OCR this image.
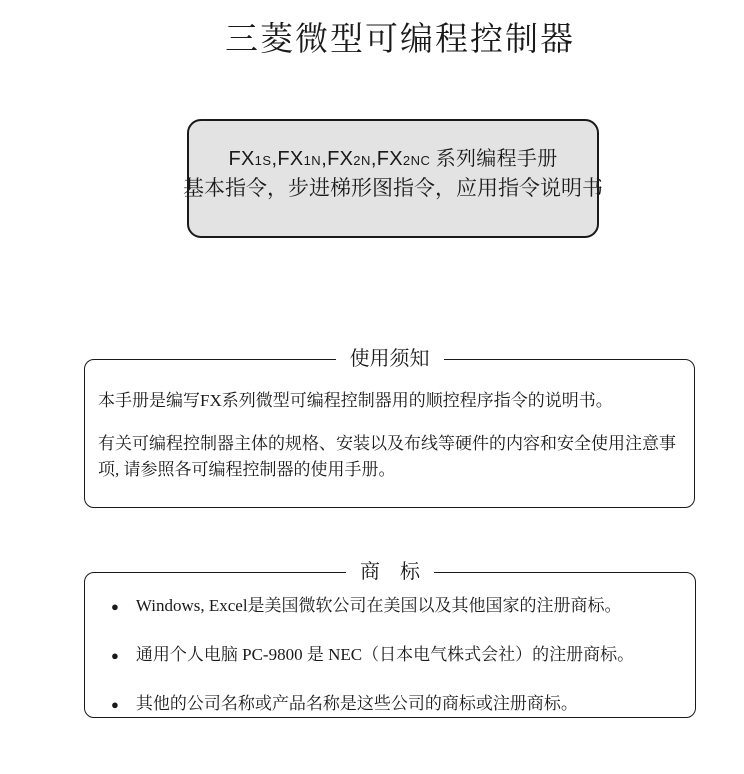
三菱微型可编程控制器
FX1S,FX1N,FX2N,FX2NC 系列编程手册
基本指令，步进梯形图指令，应用指令说明书
使用须知

本手册是编写FX系列微型可编程控制器用的顺控程序指令的说明书。

有关可编程控制器主体的规格、安装以及布线等硬件的内容和安全使用注意事项, 请参照各可编程控制器的使用手册。

商　标
● Windows, Excel是美国微软公司在美国以及其他国家的注册商标。
● 通用个人电脑 PC-9800 是 NEC（日本电气株式会社）的注册商标。
● 其他的公司名称或产品名称是这些公司的商标或注册商标。
